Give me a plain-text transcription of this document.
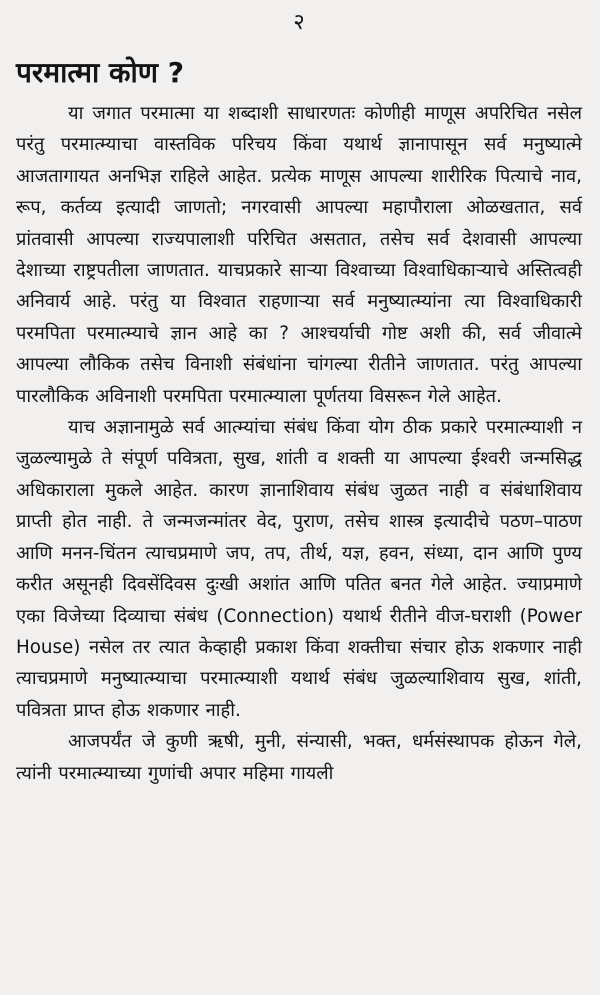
२
परमात्मा कोण ?

या जगात परमात्मा या शब्दाशी साधारणतः कोणीही माणूस अपरिचित नसेल परंतु परमात्म्याचा वास्तविक परिचय किंवा यथार्थ ज्ञानापासून सर्व मनुष्यात्मे आजतागायत अनभिज्ञ राहिले आहेत. प्रत्येक माणूस आपल्या शारीरिक पित्याचे नाव, रूप, कर्तव्य इत्यादी जाणतो; नगरवासी आपल्या महापौराला ओळखतात, सर्व प्रांतवासी आपल्या राज्यपालाशी परिचित असतात, तसेच सर्व देशवासी आपल्या देशाच्या राष्ट्रपतीला जाणतात. याचप्रकारे साऱ्या विश्वाच्या विश्वाधिकाऱ्याचे अस्तित्वही अनिवार्य आहे. परंतु या विश्वात राहणाऱ्या सर्व मनुष्यात्म्यांना त्या विश्वाधिकारी परमपिता परमात्म्याचे ज्ञान आहे का ? आश्चर्याची गोष्ट अशी की, सर्व जीवात्मे आपल्या लौकिक तसेच विनाशी संबंधांना चांगल्या रीतीने जाणतात. परंतु आपल्या पारलौकिक अविनाशी परमपिता परमात्म्याला पूर्णतया विसरून गेले आहेत.

याच अज्ञानामुळे सर्व आत्म्यांचा संबंध किंवा योग ठीक प्रकारे परमात्म्याशी न जुळल्यामुळे ते संपूर्ण पवित्रता, सुख, शांती व शक्ती या आपल्या ईश्वरी जन्मसिद्ध अधिकाराला मुकले आहेत. कारण ज्ञानाशिवाय संबंध जुळत नाही व संबंधाशिवाय प्राप्ती होत नाही. ते जन्मजन्मांतर वेद, पुराण, तसेच शास्त्र इत्यादीचे पठण–पाठण आणि मनन-चिंतन त्याचप्रमाणे जप, तप, तीर्थ, यज्ञ, हवन, संध्या, दान आणि पुण्य करीत असूनही दिवसेंदिवस दुःखी अशांत आणि पतित बनत गेले आहेत. ज्याप्रमाणे एका विजेच्या दिव्याचा संबंध (Connection) यथार्थ रीतीने वीज-घराशी (Power House) नसेल तर त्यात केव्हाही प्रकाश किंवा शक्तीचा संचार होऊ शकणार नाही त्याचप्रमाणे मनुष्यात्म्याचा परमात्म्याशी यथार्थ संबंध जुळल्याशिवाय सुख, शांती, पवित्रता प्राप्त होऊ शकणार नाही.

आजपर्यंत जे कुणी ऋषी, मुनी, संन्यासी, भक्त, धर्मसंस्थापक होऊन गेले, त्यांनी परमात्म्याच्या गुणांची अपार महिमा गायली
